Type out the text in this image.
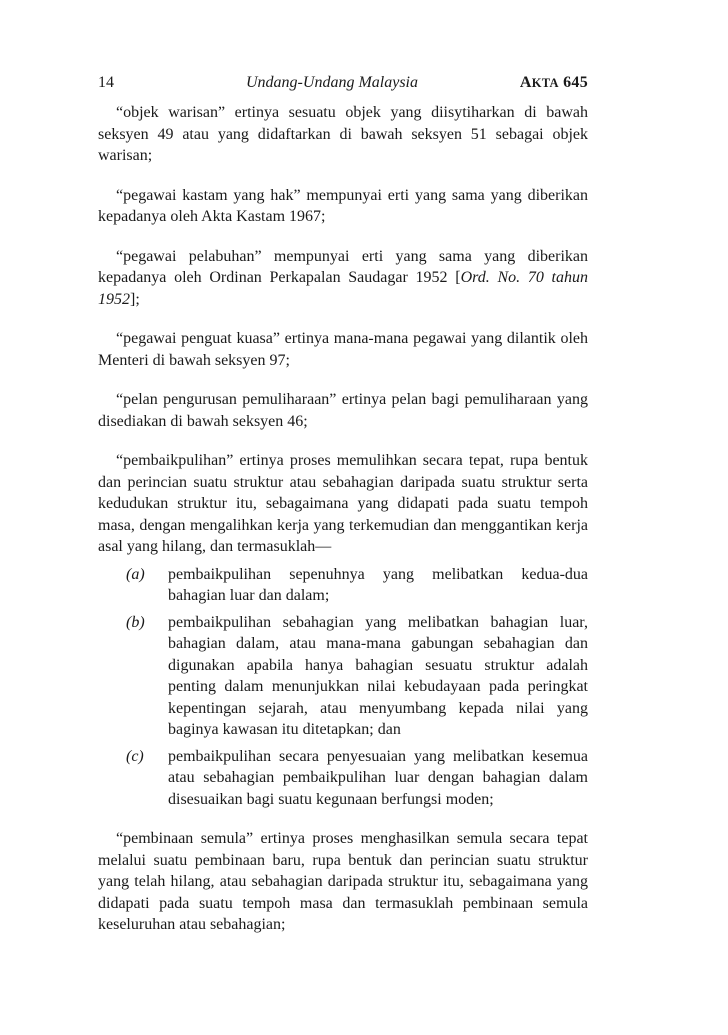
14	Undang-Undang Malaysia	AKTA 645

“objek warisan” ertinya sesuatu objek yang diisytiharkan di bawah seksyen 49 atau yang didaftarkan di bawah seksyen 51 sebagai objek warisan;

“pegawai kastam yang hak” mempunyai erti yang sama yang diberikan kepadanya oleh Akta Kastam 1967;

“pegawai pelabuhan” mempunyai erti yang sama yang diberikan kepadanya oleh Ordinan Perkapalan Saudagar 1952 [Ord. No. 70 tahun 1952];

“pegawai penguat kuasa” ertinya mana-mana pegawai yang dilantik oleh Menteri di bawah seksyen 97;

“pelan pengurusan pemuliharaan” ertinya pelan bagi pemuliharaan yang disediakan di bawah seksyen 46;

“pembaikpulihan” ertinya proses memulihkan secara tepat, rupa bentuk dan perincian suatu struktur atau sebahagian daripada suatu struktur serta kedudukan struktur itu, sebagaimana yang didapati pada suatu tempoh masa, dengan mengalihkan kerja yang terkemudian dan menggantikan kerja asal yang hilang, dan termasuklah—

(a) pembaikpulihan sepenuhnya yang melibatkan kedua-dua bahagian luar dan dalam;
(b) pembaikpulihan sebahagian yang melibatkan bahagian luar, bahagian dalam, atau mana-mana gabungan sebahagian dan digunakan apabila hanya bahagian sesuatu struktur adalah penting dalam menunjukkan nilai kebudayaan pada peringkat kepentingan sejarah, atau menyumbang kepada nilai yang baginya kawasan itu ditetapkan; dan
(c) pembaikpulihan secara penyesuaian yang melibatkan kesemua atau sebahagian pembaikpulihan luar dengan bahagian dalam disesuaikan bagi suatu kegunaan berfungsi moden;

“pembinaan semula” ertinya proses menghasilkan semula secara tepat melalui suatu pembinaan baru, rupa bentuk dan perincian suatu struktur yang telah hilang, atau sebahagian daripada struktur itu, sebagaimana yang didapati pada suatu tempoh masa dan termasuklah pembinaan semula keseluruhan atau sebahagian;
